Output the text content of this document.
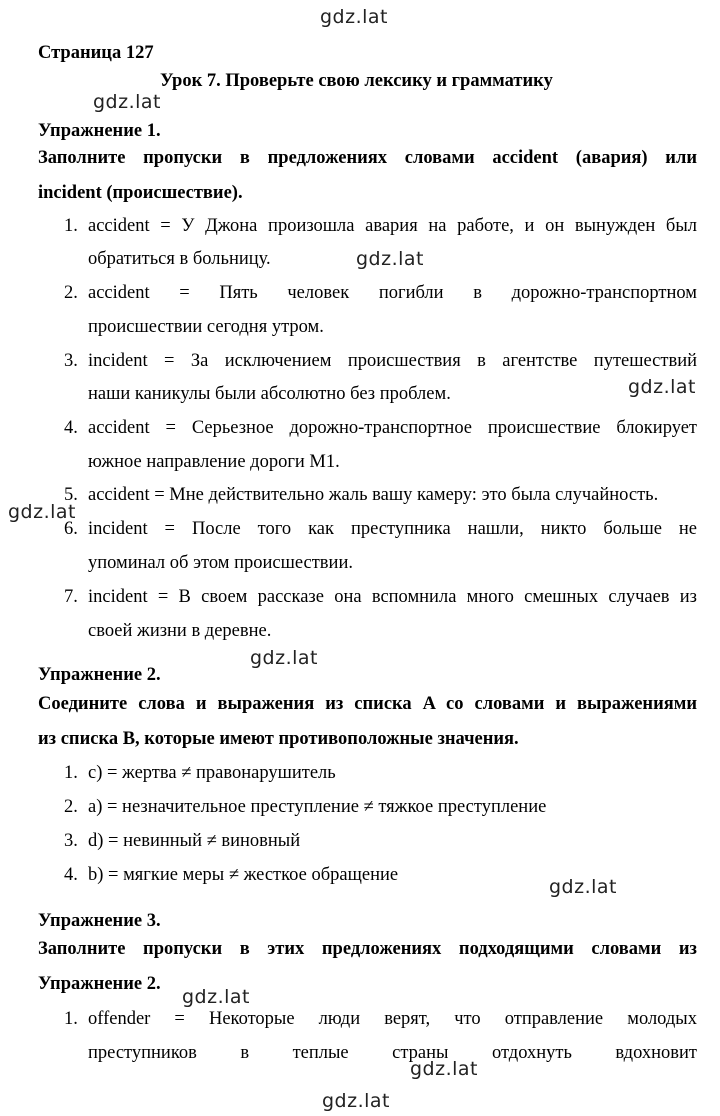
gdz.lat
gdz.lat
gdz.lat
gdz.lat
gdz.lat
gdz.lat
gdz.lat
gdz.lat
gdz.lat
gdz.lat
Страница 127
Урок 7. Проверьте свою лексику и грамматику
Упражнение 1.
Заполните пропуски в предложениях словами accident (авария) или
incident (происшествие).
1. accident = У Джона произошла авария на работе, и он вынужден был
обратиться в больницу.
2. accident = Пять человек погибли в дорожно-транспортном
происшествии сегодня утром.
3. incident = За исключением происшествия в агентстве путешествий
наши каникулы были абсолютно без проблем.
4. accident = Серьезное дорожно-транспортное происшествие блокирует
южное направление дороги M1.
5. accident = Мне действительно жаль вашу камеру: это была случайность.
6. incident = После того как преступника нашли, никто больше не
упоминал об этом происшествии.
7. incident = В своем рассказе она вспомнила много смешных случаев из
своей жизни в деревне.
Упражнение 2.
Соедините слова и выражения из списка A со словами и выражениями
из списка B, которые имеют противоположные значения.
1. c) = жертва ≠ правонарушитель
2. a) = незначительное преступление ≠ тяжкое преступление
3. d) = невинный ≠ виновный
4. b) = мягкие меры ≠ жесткое обращение
Упражнение 3.
Заполните пропуски в этих предложениях подходящими словами из
Упражнение 2.
1. offender = Некоторые люди верят, что отправление молодых
преступников в теплые страны отдохнуть вдохновит
